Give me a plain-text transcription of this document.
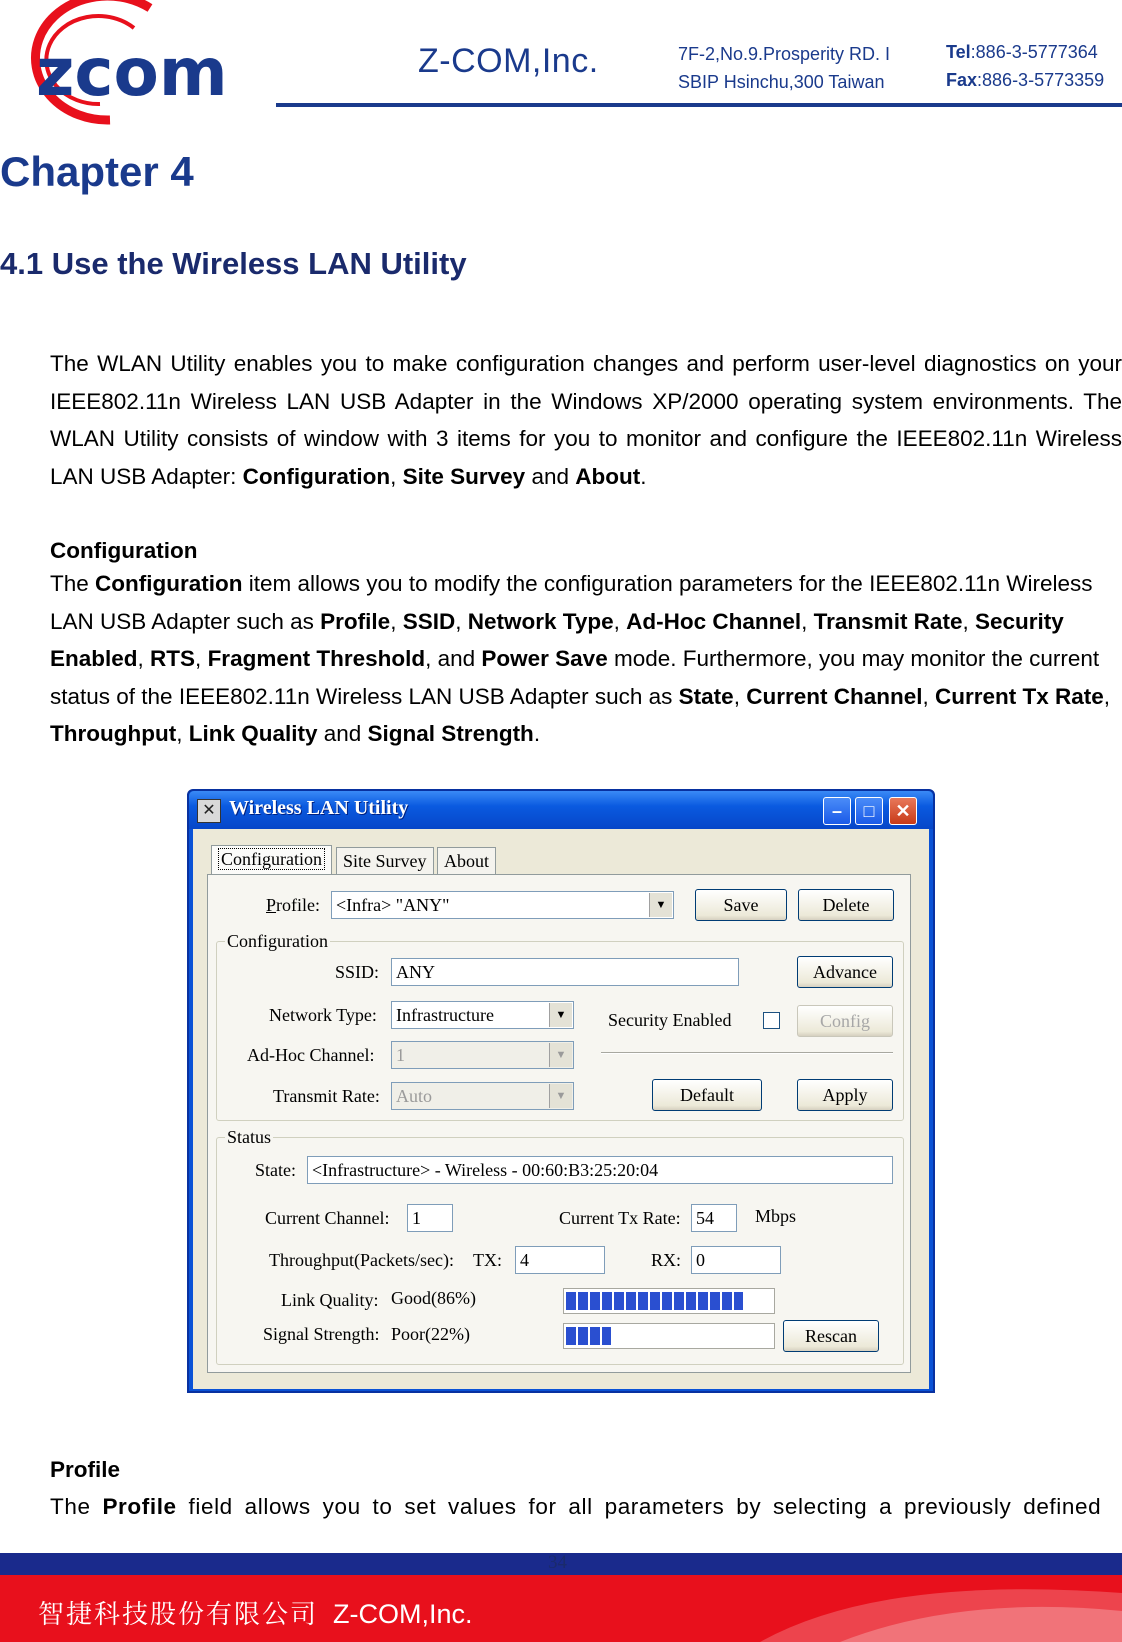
zcom	Z-COM,Inc.	7F-2,No.9.Prosperity RD. I
SBIP Hsinchu,300 Taiwan
Tel:886-3-5777364
Fax:886-3-5773359
Chapter 4
4.1 Use the Wireless LAN Utility
The WLAN Utility enables you to make configuration changes and perform user-level diagnostics on your IEEE802.11n Wireless LAN USB Adapter in the Windows XP/2000 operating system environments. The WLAN Utility consists of window with 3 items for you to monitor and configure the IEEE802.11n Wireless LAN USB Adapter: Configuration, Site Survey and About.
Configuration
The Configuration item allows you to modify the configuration parameters for the IEEE802.11n Wireless LAN USB Adapter such as Profile, SSID, Network Type, Ad-Hoc Channel, Transmit Rate, Security Enabled, RTS, Fragment Threshold, and Power Save mode. Furthermore, you may monitor the current status of the IEEE802.11n Wireless LAN USB Adapter such as State, Current Channel, Current Tx Rate, Throughput, Link Quality and Signal Strength.
✕ Wireless LAN Utility	–	□	✕
Configuration	Site Survey About
Profile: <Infra> "ANY"	▼	Save	Delete
Configuration
SSID: ANY	Advance
Network Type: Infrastructure	▼	Security Enabled	Config
Ad-Hoc Channel: 1	▼
Transmit Rate: Auto	▼	Default	Apply
Status
State: <Infrastructure> - Wireless - 00:60:B3:25:20:04
Current Channel: 1	Current Tx Rate: 54	Mbps
Throughput(Packets/sec): TX: 4	RX: 0
Link Quality: Good(86%)
Signal Strength: Poor(22%)	Rescan
Profile
The Profile field allows you to set values for all parameters by selecting a previously defined
34
智捷科技股份有限公司 Z-COM,Inc.
